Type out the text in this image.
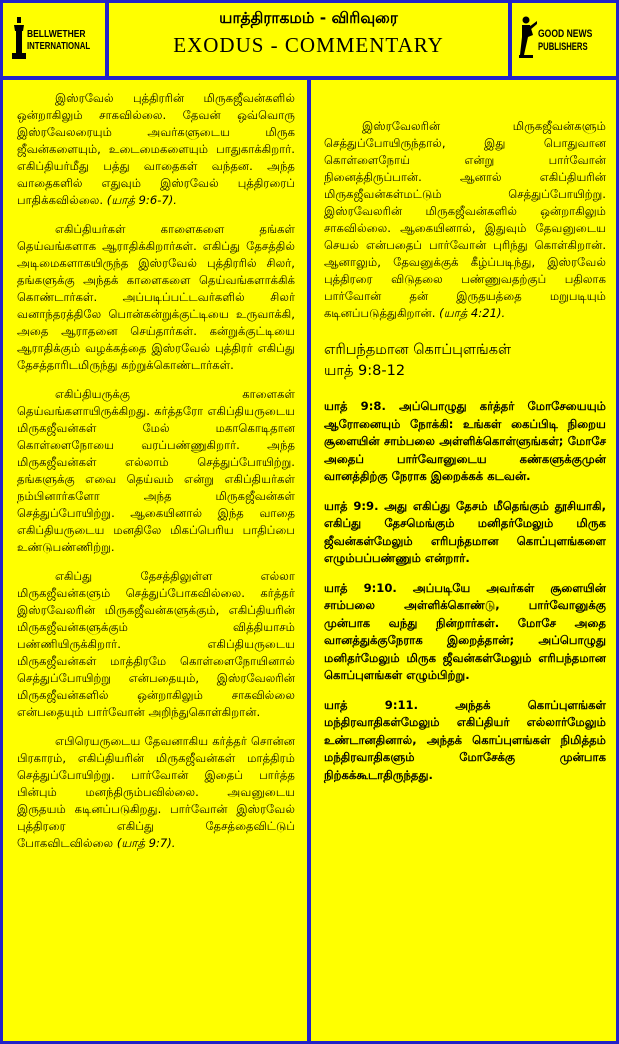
BELLWETHER
INTERNATIONAL
யாத்திராகமம் - விரிவுரை
EXODUS - COMMENTARY	GOOD NEWS
PUBLISHERS

இஸ்ரவேல் புத்திரரின் மிருகஜீவன்களில் ஒன்றாகிலும் சாகவில்லை. தேவன் ஒவ்வொரு இஸ்ரவேலரையும் அவர்களுடைய மிருக ஜீவன்களையும், உடைமைகளையும் பாதுகாக்கிறார். எகிப்தியர்மீது பத்து வாதைகள் வந்தன. அந்த வாதைகளில் எதுவும் இஸ்ரவேல் புத்திரரைப் பாதிக்கவில்லை. (யாத் 9:6-7).

எகிப்தியர்கள் காளைகளை தங்கள் தெய்வங்களாக ஆராதிக்கிறார்கள். எகிப்து தேசத்தில் அடிமைகளாகயிருந்த இஸ்ரவேல் புத்திரரில் சிலர், தங்களுக்கு அந்தக் காளைகளை தெய்வங்களாக்கிக் கொண்டார்கள். அப்படிப்பட்டவர்களில் சிலர் வனாந்தரத்திலே பொன்கன்றுக்குட்டியை உருவாக்கி, அதை ஆராதனை செய்தார்கள். கன்றுக்குட்டியை ஆராதிக்கும் வழக்கத்தை இஸ்ரவேல் புத்திரர் எகிப்து தேசத்தாரிடமிருந்து கற்றுக்கொண்டார்கள்.

எகிப்தியருக்கு காளைகள் தெய்வங்களாயிருக்கிறது. கர்த்தரோ எகிப்தியருடைய மிருகஜீவன்கள் மேல் மகாகொடிதான கொள்ளைநோயை வரப்பண்ணுகிறார். அந்த மிருகஜீவன்கள் எல்லாம் செத்துப்போயிற்று. தங்களுக்கு எவை தெய்வம் என்று எகிப்தியர்கள் நம்பினார்களோ அந்த மிருகஜீவன்கள் செத்துப்போயிற்று. ஆகையினால் இந்த வாதை எகிப்தியருடைய மனதிலே மிகப்பெரிய பாதிப்பை உண்டுபண்ணிற்று.

எகிப்து தேசத்திலுள்ள எல்லா மிருகஜீவன்களும் செத்துப்போகவில்லை. கர்த்தர் இஸ்ரவேலரின் மிருகஜீவன்களுக்கும், எகிப்தியரின் மிருகஜீவன்களுக்கும் வித்தியாசம் பண்ணியிருக்கிறார். எகிப்தியருடைய மிருகஜீவன்கள் மாத்திரமே கொள்ளைநோயினால் செத்துப்போயிற்று என்பதையும், இஸ்ரவேலரின் மிருகஜீவன்களில் ஒன்றாகிலும் சாகவில்லை என்பதையும் பார்வோன் அறிந்துகொள்கிறான்.

எபிரெயருடைய தேவனாகிய கர்த்தர் சொன்ன பிரகாரம், எகிப்தியரின் மிருகஜீவன்கள் மாத்திரம் செத்துப்போயிற்று. பார்வோன் இதைப் பார்த்த பின்பும் மனந்திரும்பவில்லை. அவனுடைய இருதயம் கடினப்படுகிறது. பார்வோன் இஸ்ரவேல் புத்திரரை எகிப்து தேசத்தைவிட்டுப் போகவிடவில்லை (யாத் 9:7).

இஸ்ரவேலரின் மிருகஜீவன்களும் செத்துப்போயிருந்தால், இது பொதுவான கொள்ளைநோய் என்று பார்வோன் நினைத்திருப்பான். ஆனால் எகிப்தியரின் மிருகஜீவன்கள்மட்டும் செத்துப்போயிற்று. இஸ்ரவேலரின் மிருகஜீவன்களில் ஒன்றாகிலும் சாகவில்லை. ஆகையினால், இதுவும் தேவனுடைய செயல் என்பதைப் பார்வோன் புரிந்து கொள்கிறான். ஆனாலும், தேவனுக்குக் கீழ்ப்படிந்து, இஸ்ரவேல் புத்திரரை விடுதலை பண்ணுவதற்குப் பதிலாக பார்வோன் தன் இருதயத்தை மறுபடியும் கடினப்படுத்துகிறான். (யாத் 4:21).

எரிபந்தமான கொப்புளங்கள்
யாத் 9:8-12

யாத் 9:8. அப்பொழுது கர்த்தர் மோசேயையும் ஆரோனையும் நோக்கி: உங்கள் கைப்பிடி நிறைய சூளையின் சாம்பலை அள்ளிக்கொள்ளுங்கள்; மோசே அதைப் பார்வோனுடைய கண்களுக்குமுன் வானத்திற்கு நேராக இறைக்கக் கடவன்.

யாத் 9:9. அது எகிப்து தேசம் மீதெங்கும் தூசியாகி, எகிப்து தேசமெங்கும் மனிதர்மேலும் மிருக ஜீவன்கள்மேலும் எரிபந்தமான கொப்புளங்களை எழும்பப்பண்ணும் என்றார்.

யாத் 9:10. அப்படியே அவர்கள் சூளையின் சாம்பலை அள்ளிக்கொண்டு, பார்வோனுக்கு முன்பாக வந்து நின்றார்கள். மோசே அதை வானத்துக்குநேராக இறைத்தான்; அப்பொழுது மனிதர்மேலும் மிருக ஜீவன்கள்மேலும் எரிபந்தமான கொப்புளங்கள் எழும்பிற்று.

யாத் 9:11. அந்தக் கொப்புளங்கள் மந்திரவாதிகள்மேலும் எகிப்தியர் எல்லார்மேலும் உண்டானதினால், அந்தக் கொப்புளங்கள் நிமித்தம் மந்திரவாதிகளும் மோசேக்கு முன்பாக நிற்கக்கூடாதிருந்தது.
